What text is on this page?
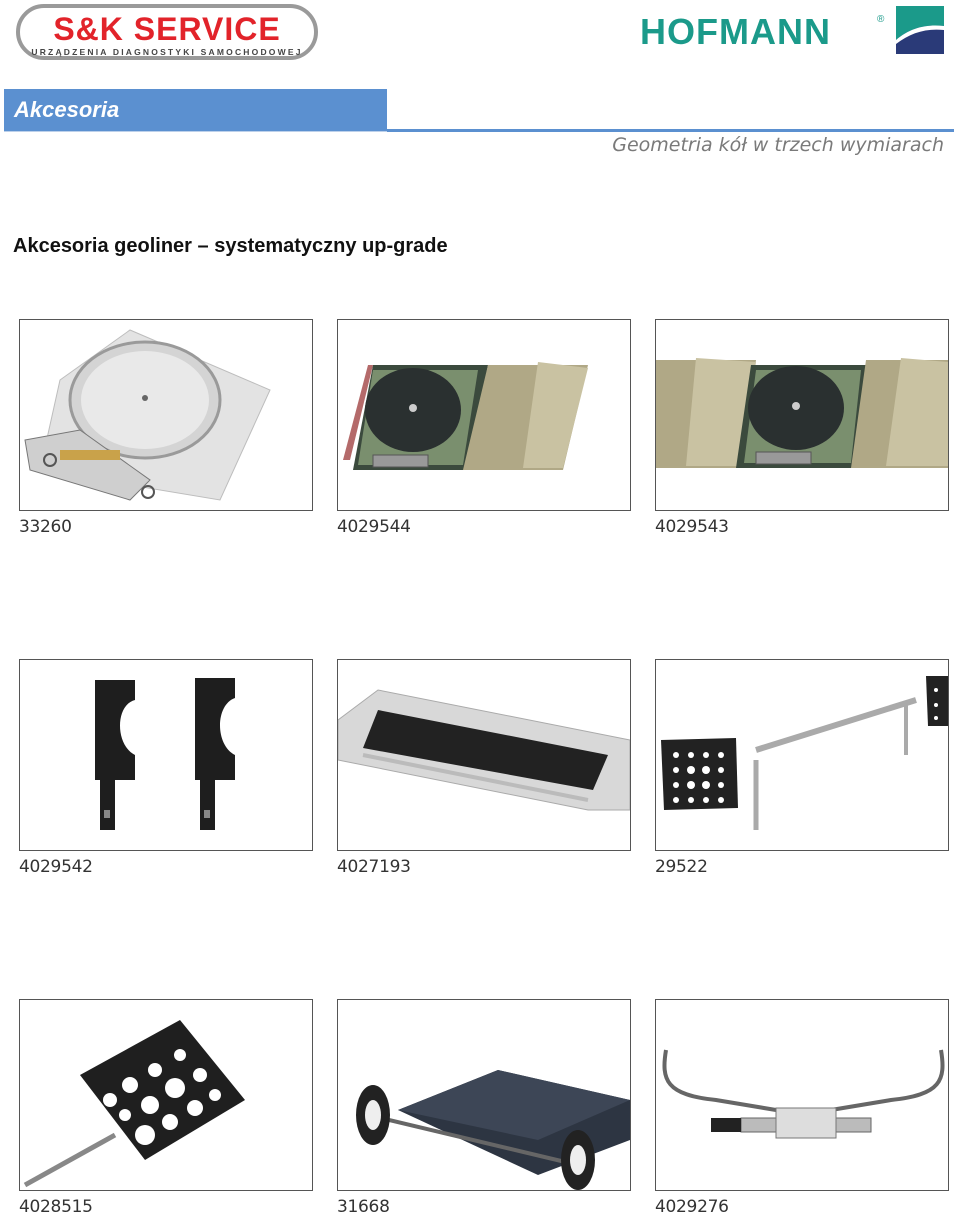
S&K SERVICE
URZĄDZENIA DIAGNOSTYKI SAMOCHODOWEJ	HOFMANN	®
Akcesoria
Geometria kół w trzech wymiarach
Akcesoria geoliner – systematyczny up-grade
33260	4029544	4029543
4029542	4027193	29522
4028515	31668	4029276
